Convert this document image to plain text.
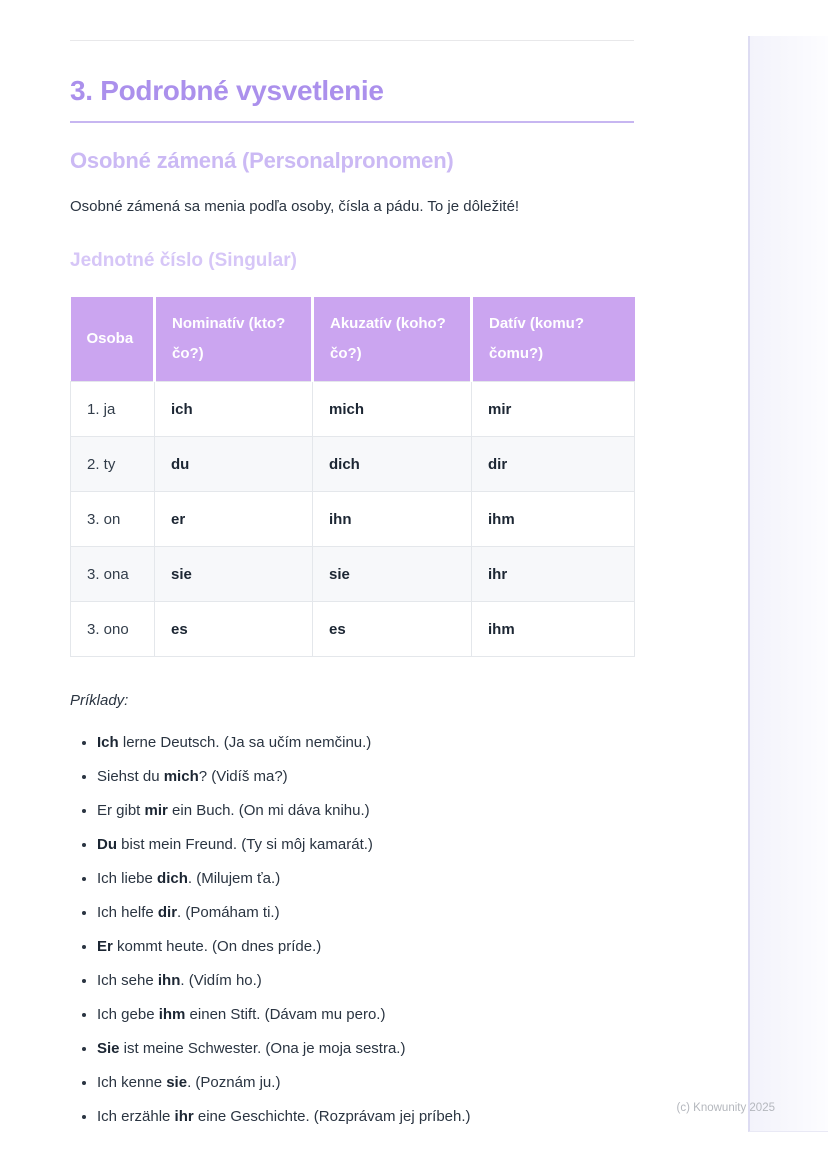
3. Podrobné vysvetlenie
Osobné zámená (Personalpronomen)

Osobné zámená sa menia podľa osoby, čísla a pádu. To je dôležité!

Jednotné číslo (Singular)
Osoba	Nominatív (kto? čo?)	Akuzatív (koho? čo?)	Datív (komu? čomu?)
1. ja	ich	mich	mir
2. ty	du	dich	dir
3. on	er	ihn	ihm
3. ona	sie	sie	ihr
3. ono	es	es	ihm

Príklady:

• Ich lerne Deutsch. (Ja sa učím nemčinu.)
• Siehst du mich? (Vidíš ma?)
• Er gibt mir ein Buch. (On mi dáva knihu.)
• Du bist mein Freund. (Ty si môj kamarát.)
• Ich liebe dich. (Milujem ťa.)
• Ich helfe dir. (Pomáham ti.)
• Er kommt heute. (On dnes príde.)
• Ich sehe ihn. (Vidím ho.)
• Ich gebe ihm einen Stift. (Dávam mu pero.)
• Sie ist meine Schwester. (Ona je moja sestra.)
• Ich kenne sie. (Poznám ju.)
• Ich erzähle ihr eine Geschichte. (Rozprávam jej príbeh.)	(c) Knowunity 2025
